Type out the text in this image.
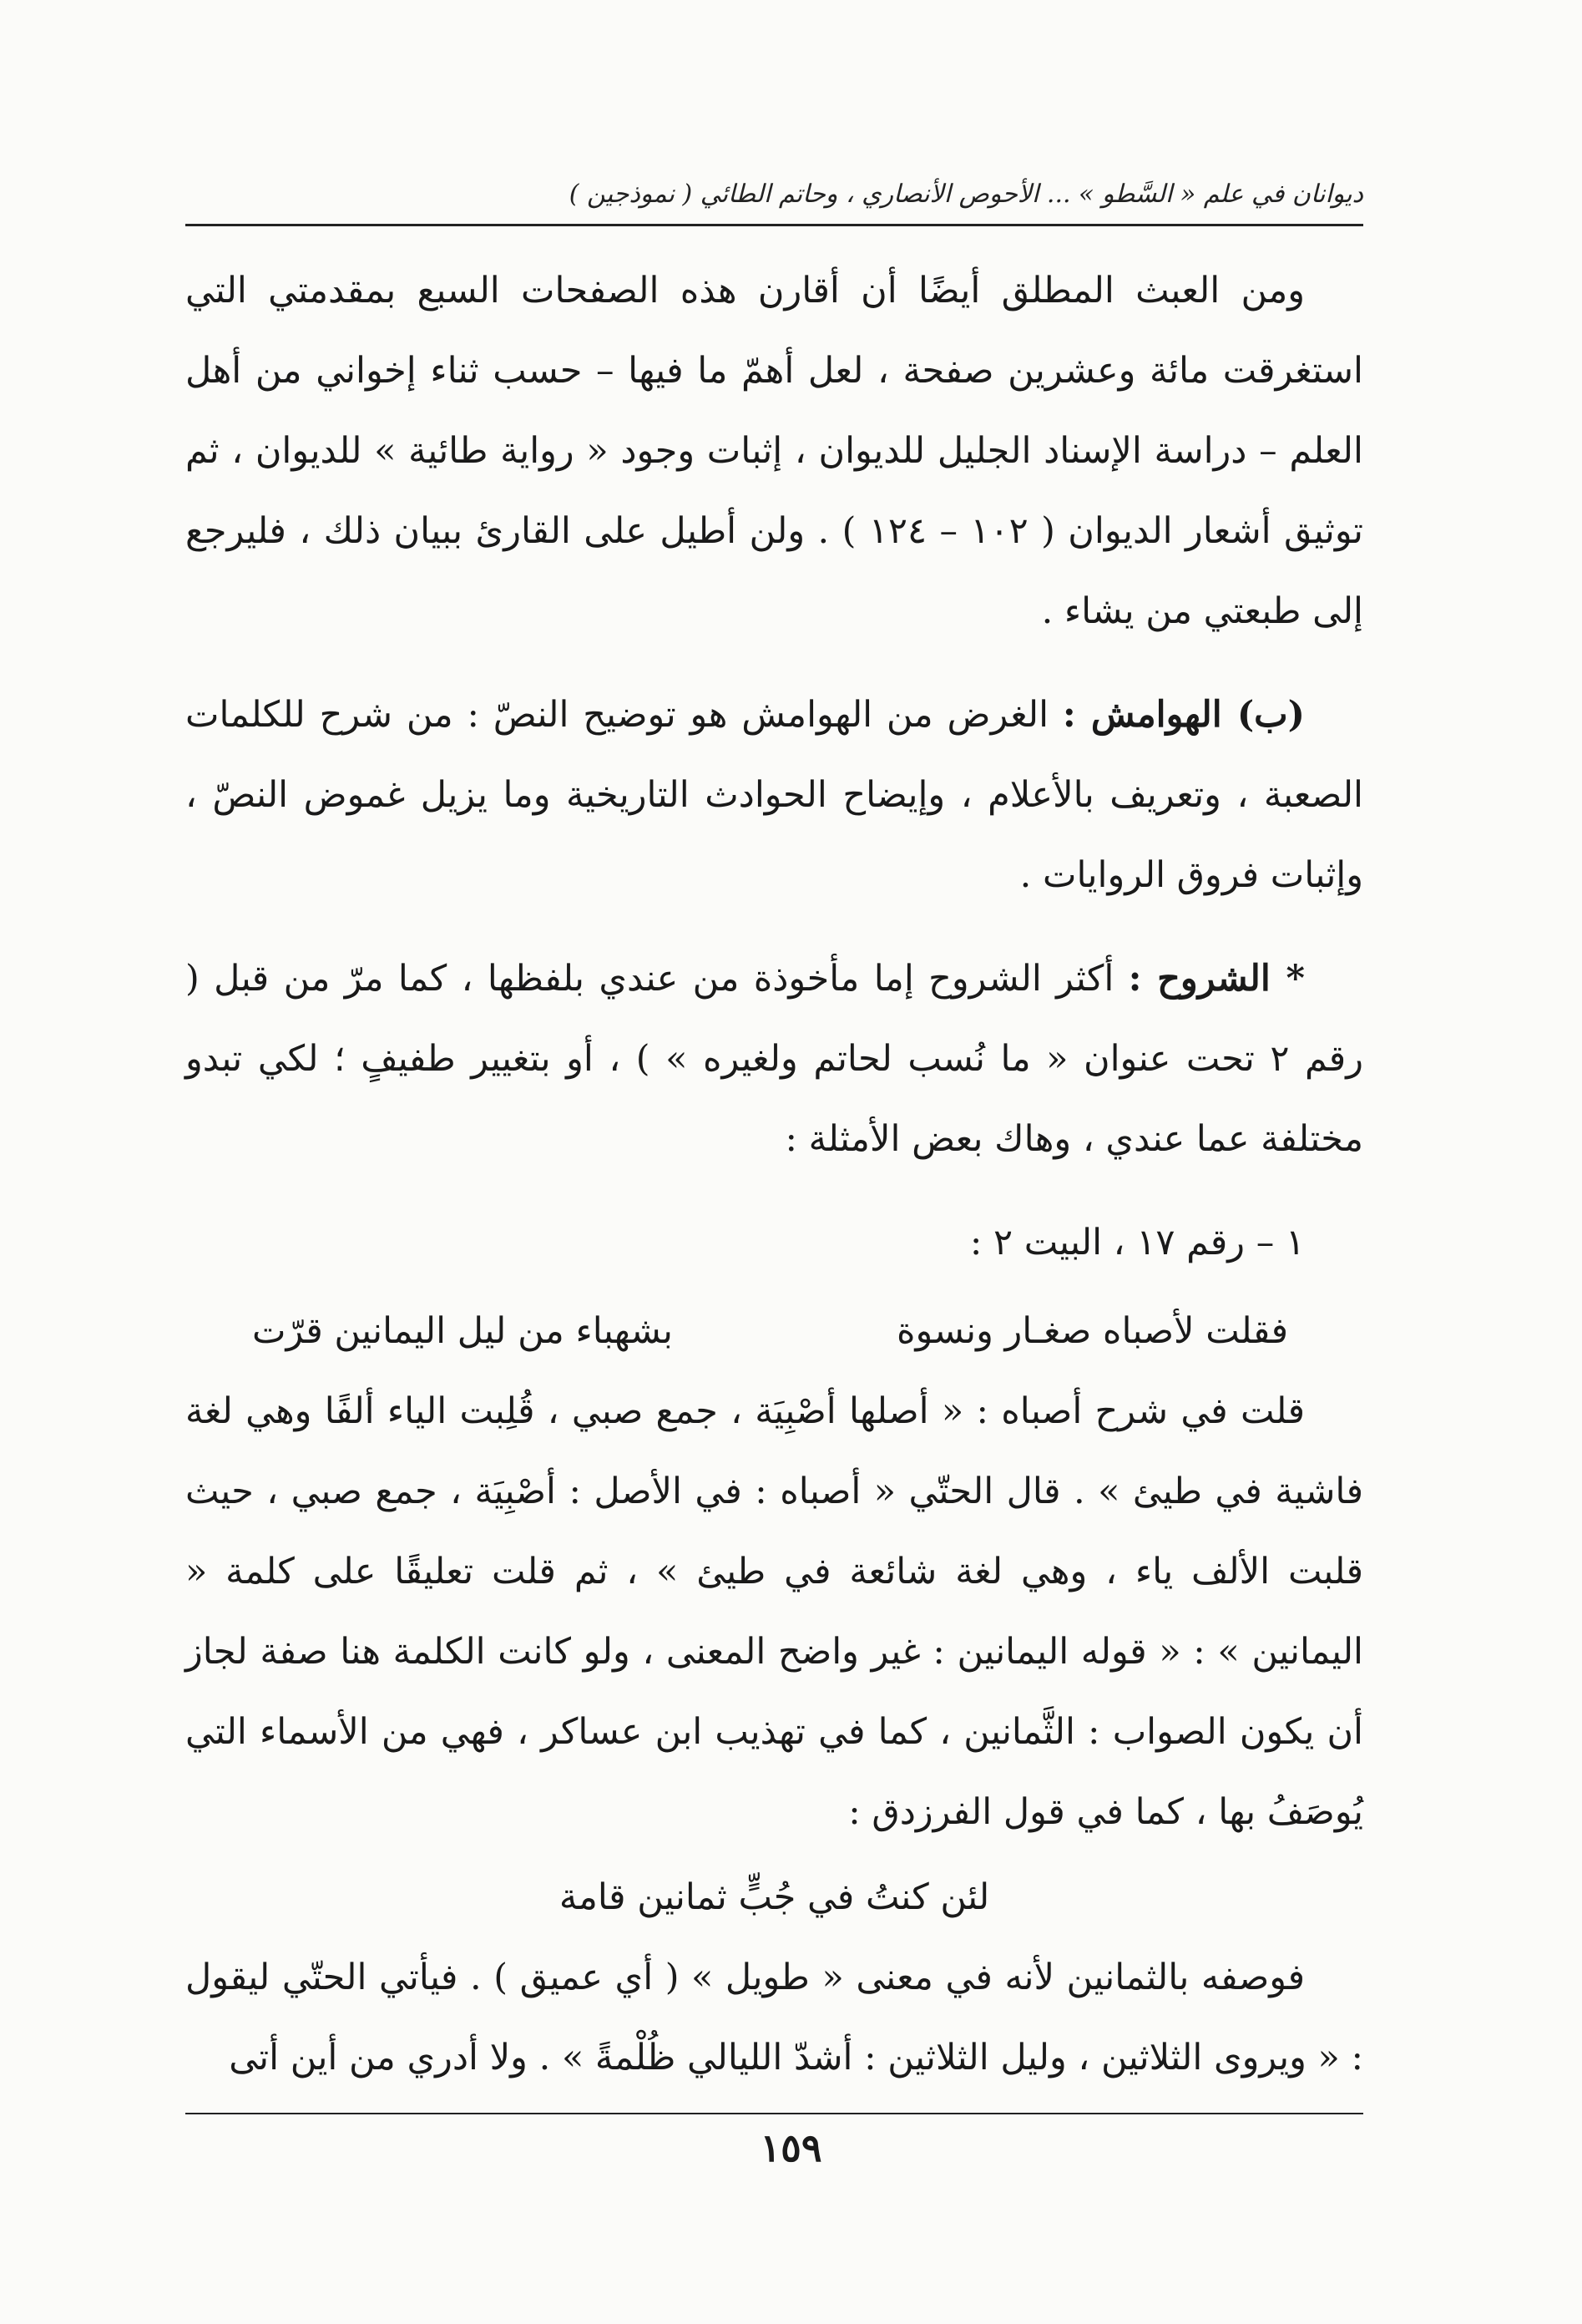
ديوانان في علم « السَّطو » ... الأحوص الأنصاري ، وحاتم الطائي ( نموذجين )

ومن العبث المطلق أيضًا أن أقارن هذه الصفحات السبع بمقدمتي التي استغرقت مائة وعشرين صفحة ، لعل أهمّ ما فيها – حسب ثناء إخواني من أهل العلم – دراسة الإسناد الجليل للديوان ، إثبات وجود « رواية طائية » للديوان ، ثم توثيق أشعار الديوان ( ١٠٢ – ١٢٤ ) . ولن أطيل على القارئ ببيان ذلك ، فليرجع إلى طبعتي من يشاء .

(ب) الهوامش : الغرض من الهوامش هو توضيح النصّ : من شرح للكلمات الصعبة ، وتعريف بالأعلام ، وإيضاح الحوادث التاريخية وما يزيل غموض النصّ ، وإثبات فروق الروايات .

* الشروح : أكثر الشروح إما مأخوذة من عندي بلفظها ، كما مرّ من قبل ( رقم ٢ تحت عنوان « ما نُسب لحاتم ولغيره » ) ، أو بتغيير طفيفٍ ؛ لكي تبدو مختلفة عما عندي ، وهاك بعض الأمثلة :

١ – رقم ١٧ ، البيت ٢ :

فقلت لأصباه صغـار ونسوة
بشهباء من ليل اليمانين قرّت

قلت في شرح أصباه : « أصلها أصْبِيَة ، جمع صبي ، قُلِبت الياء ألفًا وهي لغة فاشية في طيئ » . قال الحتّي « أصباه : في الأصل : أصْبِيَة ، جمع صبي ، حيث قلبت الألف ياء ، وهي لغة شائعة في طيئ » ، ثم قلت تعليقًا على كلمة « اليمانين » : « قوله اليمانين : غير واضح المعنى ، ولو كانت الكلمة هنا صفة لجاز أن يكون الصواب : الثَّمانين ، كما في تهذيب ابن عساكر ، فهي من الأسماء التي يُوصَفُ بها ، كما في قول الفرزدق :

لئن كنتُ في جُبٍّ ثمانين قامة

فوصفه بالثمانين لأنه في معنى « طويل » ( أي عميق ) . فيأتي الحتّي ليقول : « ويروى الثلاثين ، وليل الثلاثين : أشدّ الليالي ظُلْمةً » . ولا أدري من أين أتى

١٥٩
